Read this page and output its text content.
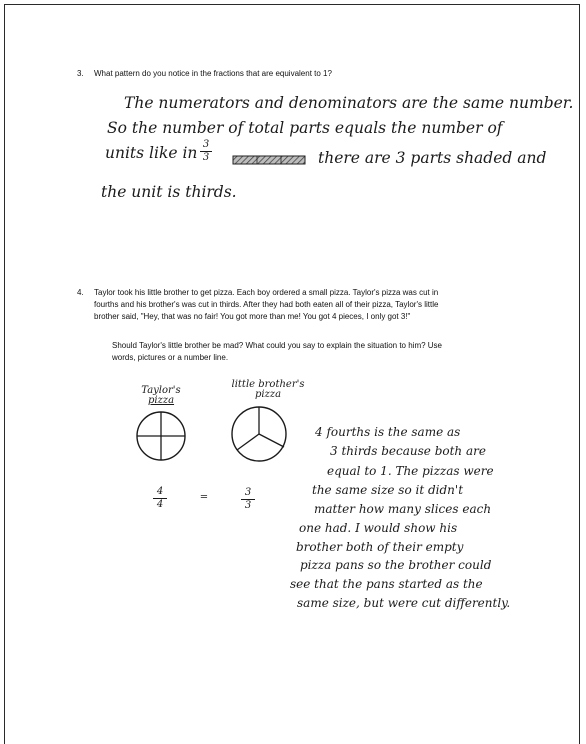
3. What pattern do you notice in the fractions that are equivalent to 1?
The numerators and denominators are the same number.
So the number of total parts equals the number of
units like in 3
3	there are 3 parts shaded and
the unit is thirds.
4. Taylor took his little brother to get pizza. Each boy ordered a small pizza. Taylor's pizza was cut in
fourths and his brother's was cut in thirds. After they had both eaten all of their pizza, Taylor's little
brother said, "Hey, that was no fair! You got more than me! You got 4 pieces, I only got 3!"
Should Taylor's little brother be mad? What could you say to explain the situation to him? Use
words, pictures or a number line.
Taylor's
pizza
little brother's
pizza
4
4
=	3
3
4 fourths is the same as
3 thirds because both are
equal to 1. The pizzas were
the same size so it didn't
matter how many slices each
one had. I would show his
brother both of their empty
pizza pans so the brother could
see that the pans started as the
same size, but were cut differently.
